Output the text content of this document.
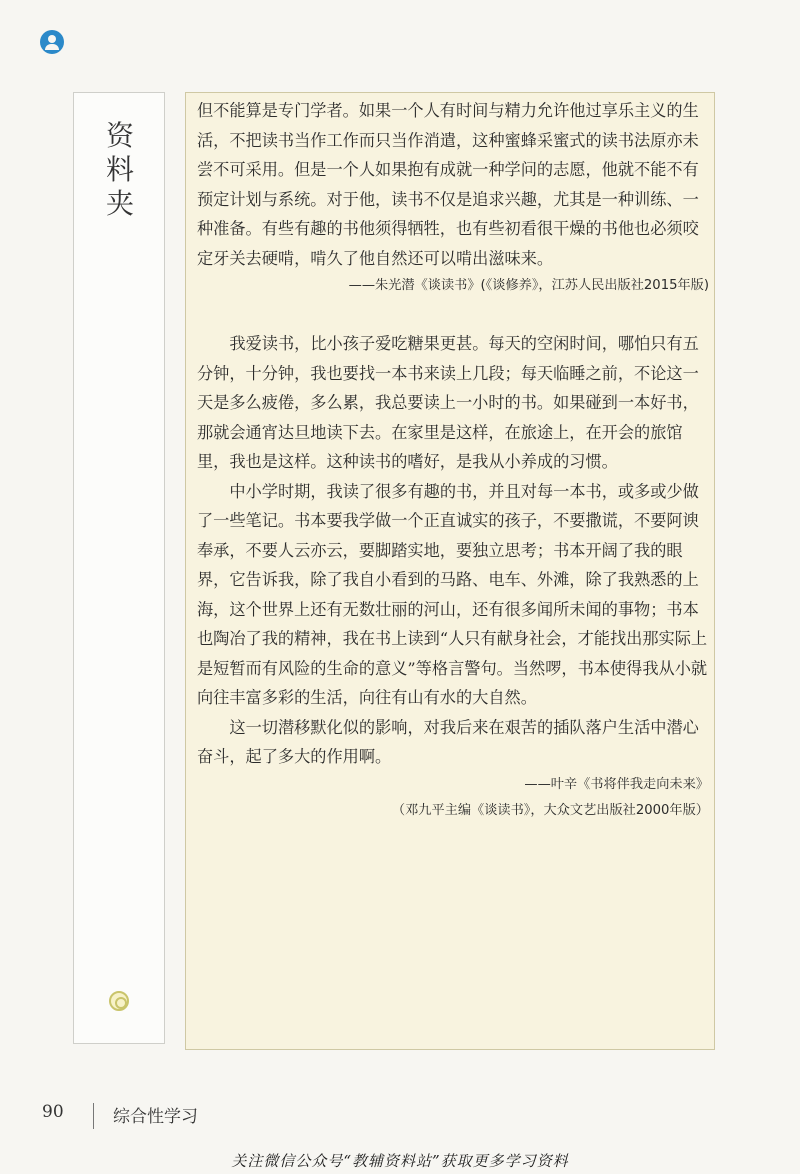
资
料
夹

但不能算是专门学者。如果一个人有时间与精力允许他过享乐主义的生活，不把读书当作工作而只当作消遣，这种蜜蜂采蜜式的读书法原亦未尝不可采用。但是一个人如果抱有成就一种学问的志愿，他就不能不有预定计划与系统。对于他，读书不仅是追求兴趣，尤其是一种训练、一种准备。有些有趣的书他须得牺牲，也有些初看很干燥的书他也必须咬定牙关去硬啃，啃久了他自然还可以啃出滋味来。

——朱光潜《谈读书》(《谈修养》，江苏人民出版社2015年版)

我爱读书，比小孩子爱吃糖果更甚。每天的空闲时间，哪怕只有五分钟，十分钟，我也要找一本书来读上几段；每天临睡之前，不论这一天是多么疲倦，多么累，我总要读上一小时的书。如果碰到一本好书，那就会通宵达旦地读下去。在家里是这样，在旅途上，在开会的旅馆里，我也是这样。这种读书的嗜好，是我从小养成的习惯。

中小学时期，我读了很多有趣的书，并且对每一本书，或多或少做了一些笔记。书本要我学做一个正直诚实的孩子，不要撒谎，不要阿谀奉承，不要人云亦云，要脚踏实地，要独立思考；书本开阔了我的眼界，它告诉我，除了我自小看到的马路、电车、外滩，除了我熟悉的上海，这个世界上还有无数壮丽的河山，还有很多闻所未闻的事物；书本也陶冶了我的精神，我在书上读到“人只有献身社会，才能找出那实际上是短暂而有风险的生命的意义”等格言警句。当然啰，书本使得我从小就向往丰富多彩的生活，向往有山有水的大自然。

这一切潜移默化似的影响，对我后来在艰苦的插队落户生活中潜心奋斗，起了多大的作用啊。

——叶辛《书将伴我走向未来》

（邓九平主编《谈读书》，大众文艺出版社2000年版）

90	综合性学习
关注微信公众号“教辅资料站”获取更多学习资料
